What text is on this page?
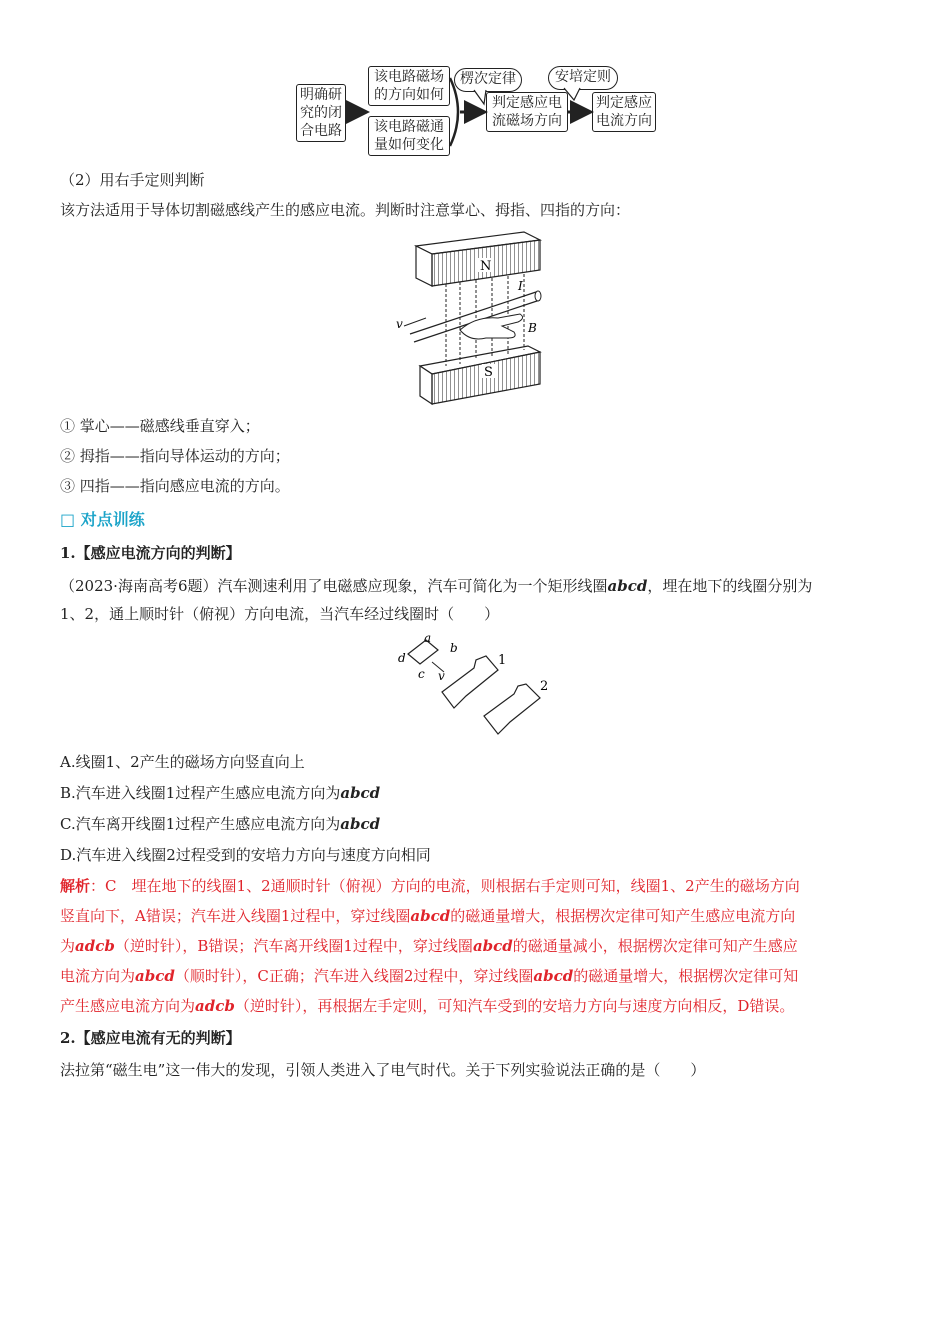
明确研究的闭合电路
该电路磁场的方向如何
该电路磁通量如何变化
楞次定律	安培定则
判定感应电流磁场方向
判定感应电流方向
（2）用右手定则判断
该方法适用于导体切割磁感线产生的感应电流。判断时注意掌心、拇指、四指的方向：
N
S
v
I
B
① 掌心——磁感线垂直穿入；
② 拇指——指向导体运动的方向；
③ 四指——指向感应电流的方向。
□ 对点训练
1.【感应电流方向的判断】
（2023·海南高考6题）汽车测速利用了电磁感应现象，汽车可简化为一个矩形线圈abcd，埋在地下的线圈分别为
1、2，通上顺时针（俯视）方向电流，当汽车经过线圈时（　　）
a
b
c
d
v
1
2
A.线圈1、2产生的磁场方向竖直向上
B.汽车进入线圈1过程产生感应电流方向为abcd
C.汽车离开线圈1过程产生感应电流方向为abcd
D.汽车进入线圈2过程受到的安培力方向与速度方向相同
解析：C　 埋在地下的线圈1、2通顺时针（俯视）方向的电流，则根据右手定则可知，线圈1、2产生的磁场方向
竖直向下，A错误；汽车进入线圈1过程中，穿过线圈abcd的磁通量增大，根据楞次定律可知产生感应电流方向
为adcb（逆时针），B错误；汽车离开线圈1过程中，穿过线圈abcd的磁通量减小，根据楞次定律可知产生感应
电流方向为abcd（顺时针），C正确；汽车进入线圈2过程中，穿过线圈abcd的磁通量增大，根据楞次定律可知
产生感应电流方向为adcb（逆时针），再根据左手定则，可知汽车受到的安培力方向与速度方向相反，D错误。
2.【感应电流有无的判断】
法拉第“磁生电”这一伟大的发现，引领人类进入了电气时代。关于下列实验说法正确的是（　　）
